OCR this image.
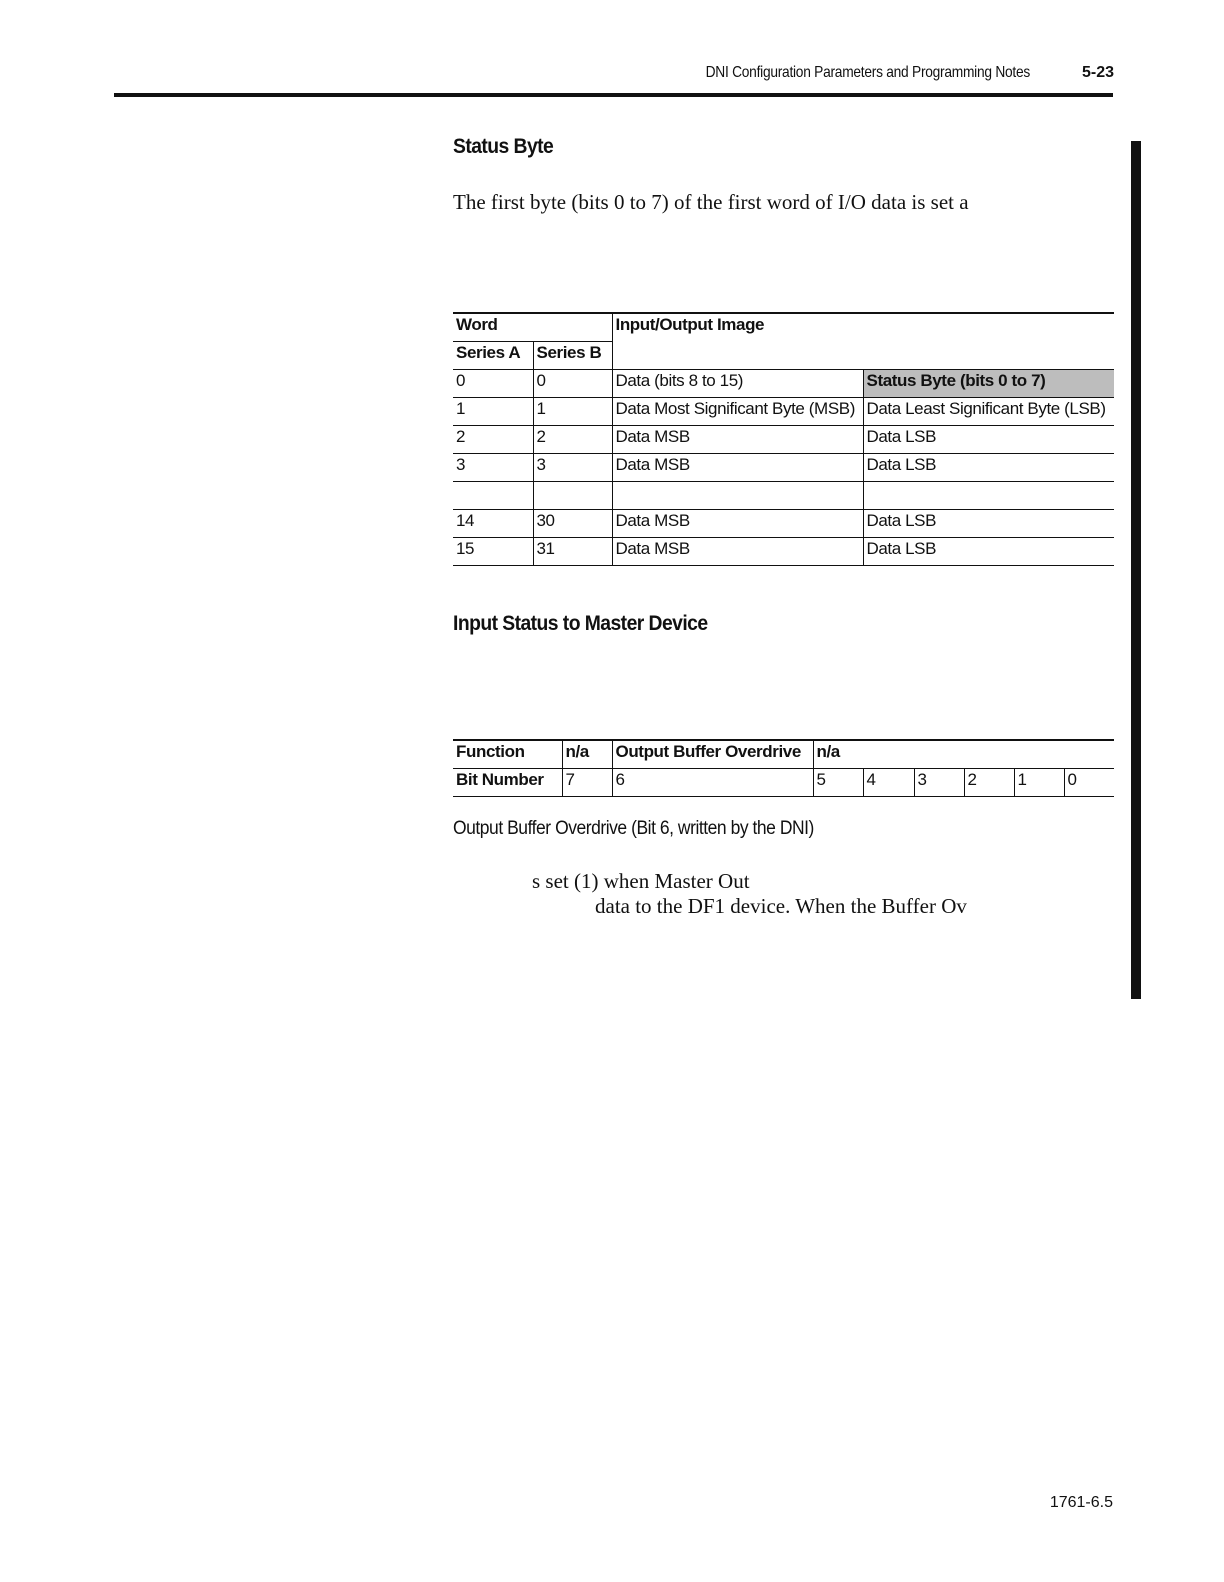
DNI Configuration Parameters and Programming Notes	5-23
Status Byte
The first byte (bits 0 to 7) of the first word of I/O data is set a
Word		Input/Output Image	
Series A	Series B		
0	0	Data (bits 8 to 15)	Status Byte (bits 0 to 7)
1	1	Data Most Significant Byte (MSB)	Data Least Significant Byte (LSB)
2	2	Data MSB	Data LSB
3	3	Data MSB	Data LSB

14	30	Data MSB	Data LSB
15	31	Data MSB	Data LSB
Input Status to Master Device
Function	n/a	Output Buffer Overdrive	n/a					
Bit Number	7	6	5	4	3	2	1	0
Output Buffer Overdrive (Bit 6, written by the DNI)
s set (1) when Master Out
data to the DF1 device. When the Buffer Ov
1761-6.5
